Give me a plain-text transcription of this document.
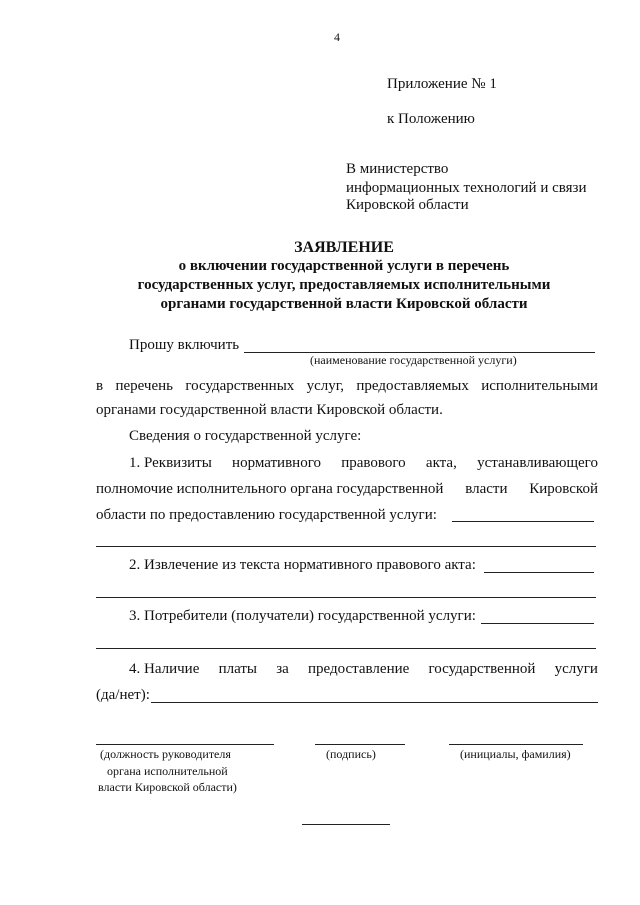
4
Приложение № 1
к Положению
В министерство
информационных технологий и связи
Кировской области
ЗАЯВЛЕНИЕ
о включении государственной услуги в перечень
государственных услуг, предоставляемых исполнительными
органами государственной власти Кировской области
Прошу включить
(наименование государственной услуги)
в перечень государственных услуг, предоставляемых исполнительными
органами государственной власти Кировской области.
Сведения о государственной услуге:
1. Реквизиты нормативного правового акта, устанавливающего
полномочие исполнительного органа государственной власти Кировской
области по предоставлению государственной услуги:
2. Извлечение из текста нормативного правового акта:
3. Потребители (получатели) государственной услуги:
4. Наличие платы за предоставление государственной услуги
(да/нет):
(должность руководителя
органа исполнительной
власти Кировской области)
(подпись)	(инициалы, фамилия)
